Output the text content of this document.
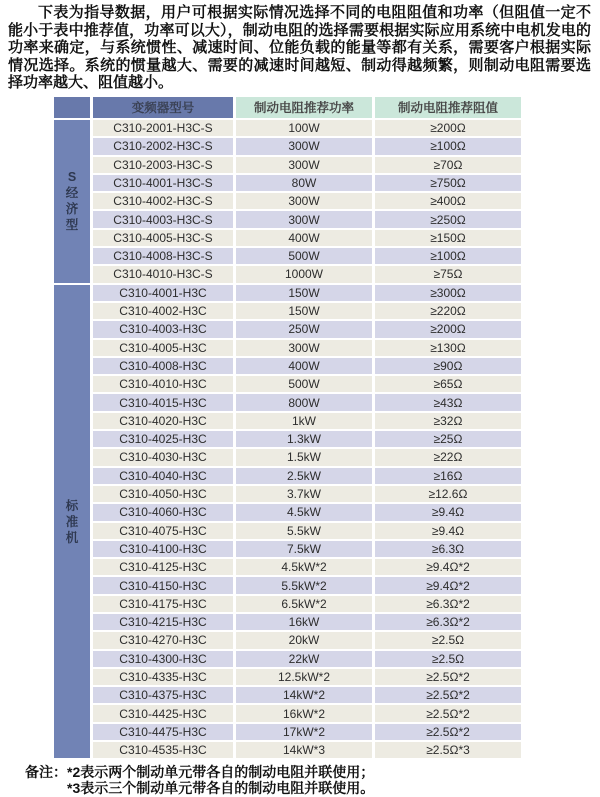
下表为指导数据，用户可根据实际情况选择不同的电阻阻值和功率（但阻值一定不能小于表中推荐值，功率可以大），制动电阻的选择需要根据实际应用系统中电机发电的功率来确定，与系统惯性、减速时间、位能负载的能量等都有关系，需要客户根据实际情况选择。系统的惯量越大、需要的减速时间越短、制动得越频繁，则制动电阻需要选择功率越大、阻值越小。

	变频器型号	制动电阻推荐功率	制动电阻推荐阻值

S经济型	C310-2001-H3C-S	100W	≥200Ω
	C310-2002-H3C-S	300W	≥100Ω
	C310-2003-H3C-S	300W	≥70Ω
	C310-4001-H3C-S	80W	≥750Ω
	C310-4002-H3C-S	300W	≥400Ω
	C310-4003-H3C-S	300W	≥250Ω
	C310-4005-H3C-S	400W	≥150Ω
	C310-4008-H3C-S	500W	≥100Ω
	C310-4010-H3C-S	1000W	≥75Ω

标准机	C310-4001-H3C	150W	≥300Ω
	C310-4002-H3C	150W	≥220Ω
	C310-4003-H3C	250W	≥200Ω
	C310-4005-H3C	300W	≥130Ω
	C310-4008-H3C	400W	≥90Ω
	C310-4010-H3C	500W	≥65Ω
	C310-4015-H3C	800W	≥43Ω
	C310-4020-H3C	1kW	≥32Ω
	C310-4025-H3C	1.3kW	≥25Ω
	C310-4030-H3C	1.5kW	≥22Ω
	C310-4040-H3C	2.5kW	≥16Ω
	C310-4050-H3C	3.7kW	≥12.6Ω
	C310-4060-H3C	4.5kW	≥9.4Ω
	C310-4075-H3C	5.5kW	≥9.4Ω
	C310-4100-H3C	7.5kW	≥6.3Ω
	C310-4125-H3C	4.5kW*2	≥9.4Ω*2
	C310-4150-H3C	5.5kW*2	≥9.4Ω*2
	C310-4175-H3C	6.5kW*2	≥6.3Ω*2
	C310-4215-H3C	16kW	≥6.3Ω*2
	C310-4270-H3C	20kW	≥2.5Ω
	C310-4300-H3C	22kW	≥2.5Ω
	C310-4335-H3C	12.5kW*2	≥2.5Ω*2
	C310-4375-H3C	14kW*2	≥2.5Ω*2
	C310-4425-H3C	16kW*2	≥2.5Ω*2
	C310-4475-H3C	17kW*2	≥2.5Ω*2
	C310-4535-H3C	14kW*3	≥2.5Ω*3
备注：*2表示两个制动单元带各自的制动电阻并联使用；
*3表示三个制动单元带各自的制动电阻并联使用。
